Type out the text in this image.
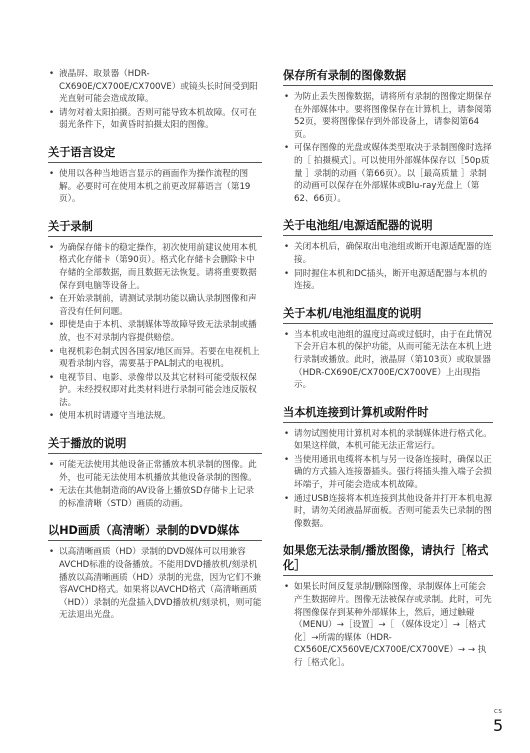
• 液晶屏、取景器（HDR-CX690E/CX700E/CX700VE）或镜头长时间受到阳光直射可能会造成故障。
• 请勿对着太阳拍摄。否则可能导致本机故障。仅可在弱光条件下，如黄昏时拍摄太阳的图像。
关于语言设定
• 使用以各种当地语言显示的画面作为操作流程的图解。必要时可在使用本机之前更改屏幕语言（第19页）。
关于录制
• 为确保存储卡的稳定操作，初次使用前建议使用本机格式化存储卡（第90页）。格式化存储卡会删除卡中存储的全部数据，而且数据无法恢复。请将重要数据保存到电脑等设备上。
• 在开始录制前，请测试录制功能以确认录制图像和声音没有任何问题。
• 即使是由于本机、录制媒体等故障导致无法录制或播放，也不对录制内容提供赔偿。
• 电视机彩色制式因各国家/地区而异。若要在电视机上观看录制内容，需要基于PAL制式的电视机。
• 电视节目、电影、录像带以及其它材料可能受版权保护。未经授权即对此类材料进行录制可能会违反版权法。
• 使用本机时请遵守当地法规。
关于播放的说明
• 可能无法使用其他设备正常播放本机录制的图像。此外，也可能无法使用本机播放其他设备录制的图像。
• 无法在其他制造商的AV设备上播放SD存储卡上记录的标准清晰（STD）画质的动画。
以HD画质（高清晰）录制的DVD媒体
• 以高清晰画质（HD）录制的DVD媒体可以用兼容AVCHD标准的设备播放。不能用DVD播放机/刻录机播放以高清晰画质（HD）录制的光盘，因为它们不兼容AVCHD格式。如果将以AVCHD格式（高清晰画质（HD））录制的光盘插入DVD播放机/刻录机，则可能无法退出光盘。
保存所有录制的图像数据
• 为防止丢失图像数据，请将所有录制的图像定期保存在外部媒体中。要将图像保存在计算机上，请参阅第52页，要将图像保存到外部设备上，请参阅第64页。
• 可保存图像的光盘或媒体类型取决于录制图像时选择的［ 拍摄模式］。可以使用外部媒体保存以［50p质量 ］录制的动画（第66页）。以［最高质量 ］录制的动画可以保存在外部媒体或Blu-ray光盘上（第62、66页）。
关于电池组/电源适配器的说明
• 关闭本机后，确保取出电池组或断开电源适配器的连接。
• 同时握住本机和DC插头，断开电源适配器与本机的连接。
关于本机/电池组温度的说明
• 当本机或电池组的温度过高或过低时，由于在此情况下会开启本机的保护功能，从而可能无法在本机上进行录制或播放。此时，液晶屏（第103页）或取景器（HDR-CX690E/CX700E/CX700VE）上出现指示。
当本机连接到计算机或附件时
• 请勿试图使用计算机对本机的录制媒体进行格式化。如果这样做，本机可能无法正常运行。
• 当使用通讯电缆将本机与另一设备连接时，确保以正确的方式插入连接器插头。强行将插头推入端子会损坏端子，并可能会造成本机故障。
• 通过USB连接将本机连接到其他设备并打开本机电源时，请勿关闭液晶屏面板。否则可能丢失已录制的图像数据。
如果您无法录制/播放图像，请执行［格式化］
• 如果长时间反复录制/删除图像，录制媒体上可能会产生数据碎片。图像无法被保存或录制。此时，可先将图像保存到某种外部媒体上，然后，通过触碰 （MENU）→［设置］→［ （媒体设定）］→［格式化］→所需的媒体（HDR-CX560E/CX560VE/CX700E/CX700VE）→ → 执行［格式化］。
CS
5
